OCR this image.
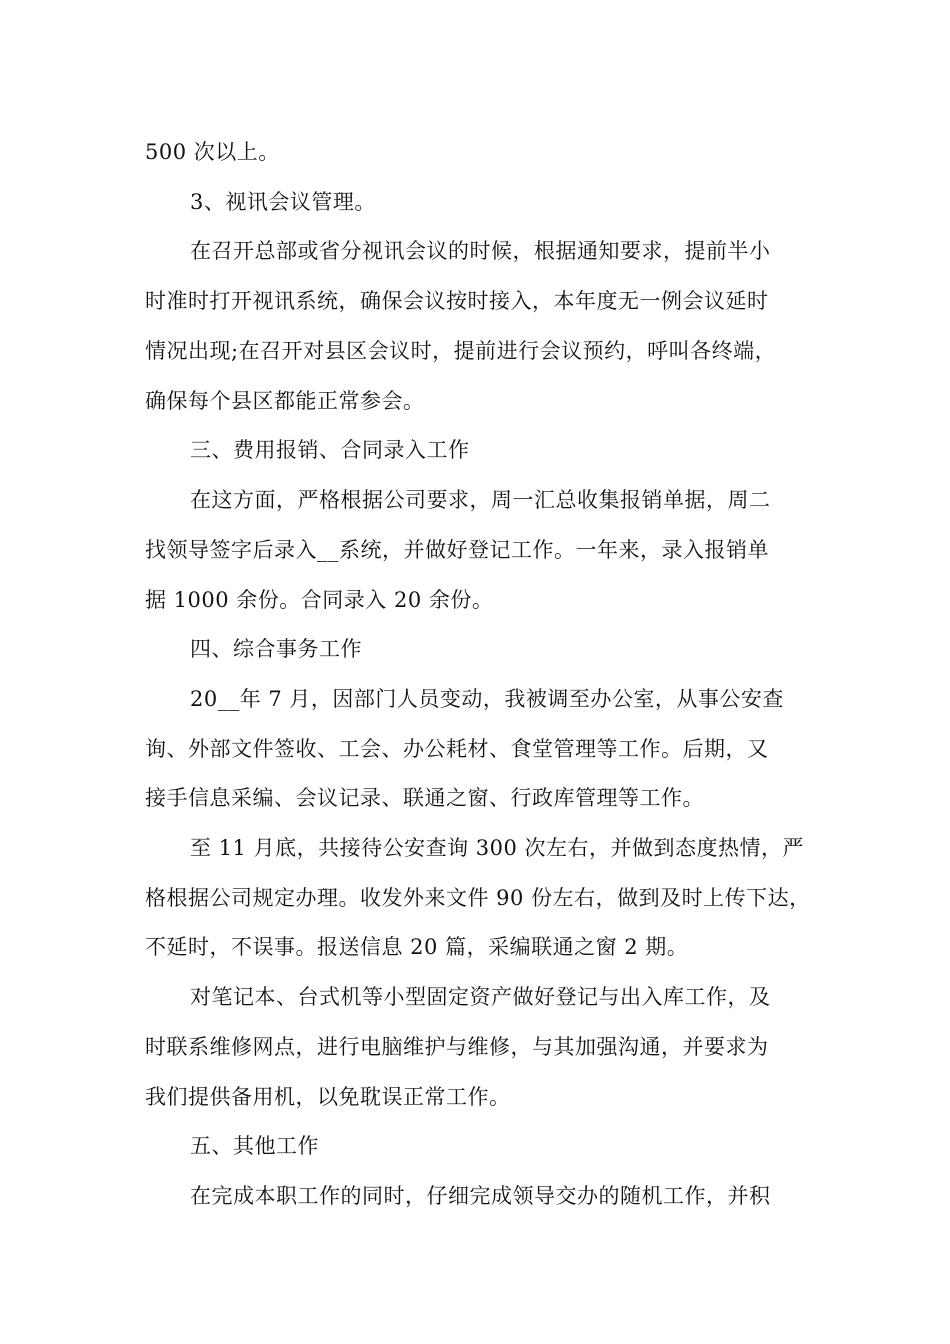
500 次以上。
3、视讯会议管理。
在召开总部或省分视讯会议的时候，根据通知要求，提前半小
时准时打开视讯系统，确保会议按时接入，本年度无一例会议延时
情况出现;在召开对县区会议时，提前进行会议预约，呼叫各终端，
确保每个县区都能正常参会。
三、费用报销、合同录入工作
在这方面，严格根据公司要求，周一汇总收集报销单据，周二
找领导签字后录入__系统，并做好登记工作。一年来，录入报销单
据 1000 余份。合同录入 20 余份。
四、综合事务工作
20__年 7 月，因部门人员变动，我被调至办公室，从事公安查
询、外部文件签收、工会、办公耗材、食堂管理等工作。后期，又
接手信息采编、会议记录、联通之窗、行政库管理等工作。
至 11 月底，共接待公安查询 300 次左右，并做到态度热情，严
格根据公司规定办理。收发外来文件 90 份左右，做到及时上传下达，
不延时，不误事。报送信息 20 篇，采编联通之窗 2 期。
对笔记本、台式机等小型固定资产做好登记与出入库工作，及
时联系维修网点，进行电脑维护与维修，与其加强沟通，并要求为
我们提供备用机，以免耽误正常工作。
五、其他工作
在完成本职工作的同时，仔细完成领导交办的随机工作，并积
